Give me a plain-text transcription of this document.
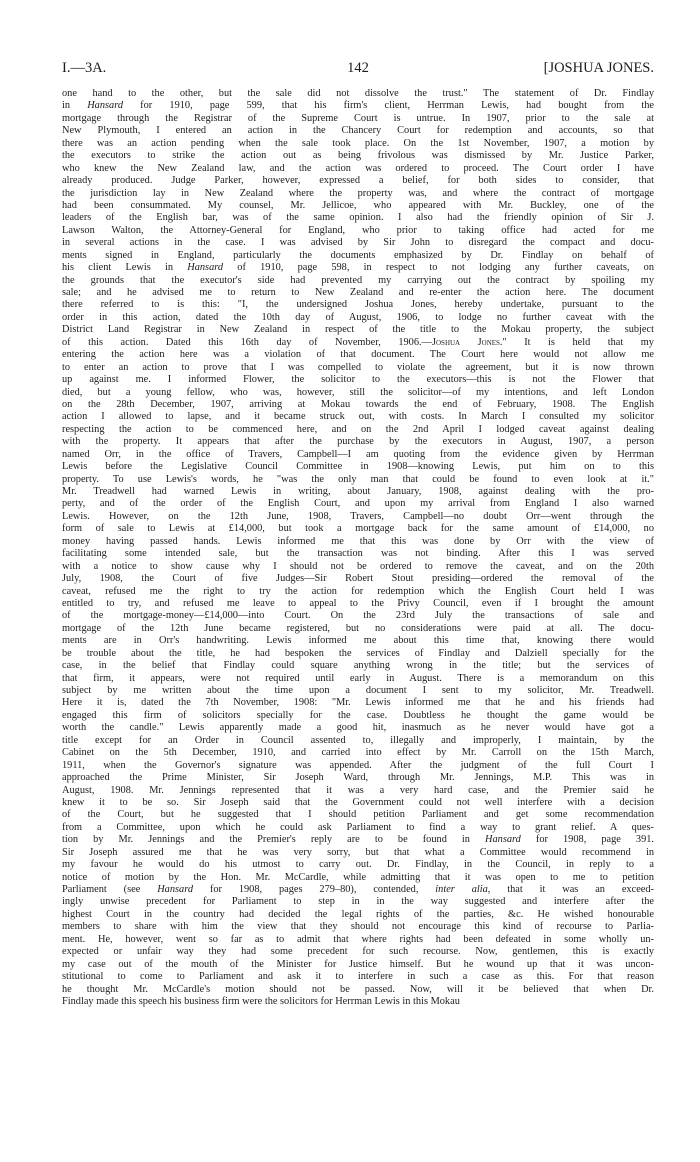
I.—3A.	142	[JOSHUA JONES.
one hand to the other, but the sale did not dissolve the trust." The statement of Dr. Findlay
in Hansard for 1910, page 599, that his firm's client, Herrman Lewis, had bought from the
mortgage through the Registrar of the Supreme Court is untrue. In 1907, prior to the sale at
New Plymouth, I entered an action in the Chancery Court for redemption and accounts, so that
there was an action pending when the sale took place. On the 1st November, 1907, a motion by
the executors to strike the action out as being frivolous was dismissed by Mr. Justice Parker,
who knew the New Zealand law, and the action was ordered to proceed. The Court order I have
already produced. Judge Parker, however, expressed a belief, for both sides to consider, that
the jurisdiction lay in New Zealand where the property was, and where the contract of mortgage
had been consummated. My counsel, Mr. Jellicoe, who appeared with Mr. Buckley, one of the
leaders of the English bar, was of the same opinion. I also had the friendly opinion of Sir J.
Lawson Walton, the Attorney-General for England, who prior to taking office had acted for me
in several actions in the case. I was advised by Sir John to disregard the compact and docu-
ments signed in England, particularly the documents emphasized by Dr. Findlay on behalf of
his client Lewis in Hansard of 1910, page 598, in respect to not lodging any further caveats, on
the grounds that the executor's side had prevented my carrying out the contract by spoiling my
sale; and he advised me to return to New Zealand and re-enter the action here. The document
there referred to is this: "I, the undersigned Joshua Jones, hereby undertake, pursuant to the
order in this action, dated the 10th day of August, 1906, to lodge no further caveat with the
District Land Registrar in New Zealand in respect of the title to the Mokau property, the subject
of this action. Dated this 16th day of November, 1906.—Joshua Jones." It is held that my
entering the action here was a violation of that document. The Court here would not allow me
to enter an action to prove that I was compelled to violate the agreement, but it is now thrown
up against me. I informed Flower, the solicitor to the executors—this is not the Flower that
died, but a young fellow, who was, however, still the solicitor—of my intentions, and left London
on the 28th December, 1907, arriving at Mokau towards the end of February, 1908. The English
action I allowed to lapse, and it became struck out, with costs. In March I consulted my solicitor
respecting the action to be commenced here, and on the 2nd April I lodged caveat against dealing
with the property. It appears that after the purchase by the executors in August, 1907, a person
named Orr, in the office of Travers, Campbell—I am quoting from the evidence given by Herrman
Lewis before the Legislative Council Committee in 1908—knowing Lewis, put him on to this
property. To use Lewis's words, he "was the only man that could be found to even look at it."
Mr. Treadwell had warned Lewis in writing, about January, 1908, against dealing with the pro-
perty, and of the order of the English Court, and upon my arrival from England I also warned
Lewis. However, on the 12th June, 1908, Travers, Campbell—no doubt Orr—went through the
form of sale to Lewis at £14,000, but took a mortgage back for the same amount of £14,000, no
money having passed hands. Lewis informed me that this was done by Orr with the view of
facilitating some intended sale, but the transaction was not binding. After this I was served
with a notice to show cause why I should not be ordered to remove the caveat, and on the 20th
July, 1908, the Court of five Judges—Sir Robert Stout presiding—ordered the removal of the
caveat, refused me the right to try the action for redemption which the English Court held I was
entitled to try, and refused me leave to appeal to the Privy Council, even if I brought the amount
of the mortgage-money—£14,000—into Court. On the 23rd July the transactions of sale and
mortgage of the 12th June became registered, but no considerations were paid at all. The docu-
ments are in Orr's handwriting. Lewis informed me about this time that, knowing there would
be trouble about the title, he had bespoken the services of Findlay and Dalziell specially for the
case, in the belief that Findlay could square anything wrong in the title; but the services of
that firm, it appears, were not required until early in August. There is a memorandum on this
subject by me written about the time upon a document I sent to my solicitor, Mr. Treadwell.
Here it is, dated the 7th November, 1908: "Mr. Lewis informed me that he and his friends had
engaged this firm of solicitors specially for the case. Doubtless he thought the game would be
worth the candle." Lewis apparently made a good hit, inasmuch as he never would have got a
title except for an Order in Council assented to, illegally and improperly, I maintain, by the
Cabinet on the 5th December, 1910, and carried into effect by Mr. Carroll on the 15th March,
1911, when the Governor's signature was appended. After the judgment of the full Court I
approached the Prime Minister, Sir Joseph Ward, through Mr. Jennings, M.P. This was in
August, 1908. Mr. Jennings represented that it was a very hard case, and the Premier said he
knew it to be so. Sir Joseph said that the Government could not well interfere with a decision
of the Court, but he suggested that I should petition Parliament and get some recommendation
from a Committee, upon which he could ask Parliament to find a way to grant relief. A ques-
tion by Mr. Jennings and the Premier's reply are to be found in Hansard for 1908, page 391.
Sir Joseph assured me that he was very sorry, but that what a Committee would recommend in
my favour he would do his utmost to carry out. Dr. Findlay, in the Council, in reply to a
notice of motion by the Hon. Mr. McCardle, while admitting that it was open to me to petition
Parliament (see Hansard for 1908, pages 279–80), contended, inter alia, that it was an exceed-
ingly unwise precedent for Parliament to step in in the way suggested and interfere after the
highest Court in the country had decided the legal rights of the parties, &c. He wished honourable
members to share with him the view that they should not encourage this kind of recourse to Parlia-
ment. He, however, went so far as to admit that where rights had been defeated in some wholly un-
expected or unfair way they had some precedent for such recourse. Now, gentlemen, this is exactly
my case out of the mouth of the Minister for Justice himself. But he wound up that it was uncon-
stitutional to come to Parliament and ask it to interfere in such a case as this. For that reason
he thought Mr. McCardle's motion should not be passed. Now, will it be believed that when Dr.
Findlay made this speech his business firm were the solicitors for Herrman Lewis in this Mokau
